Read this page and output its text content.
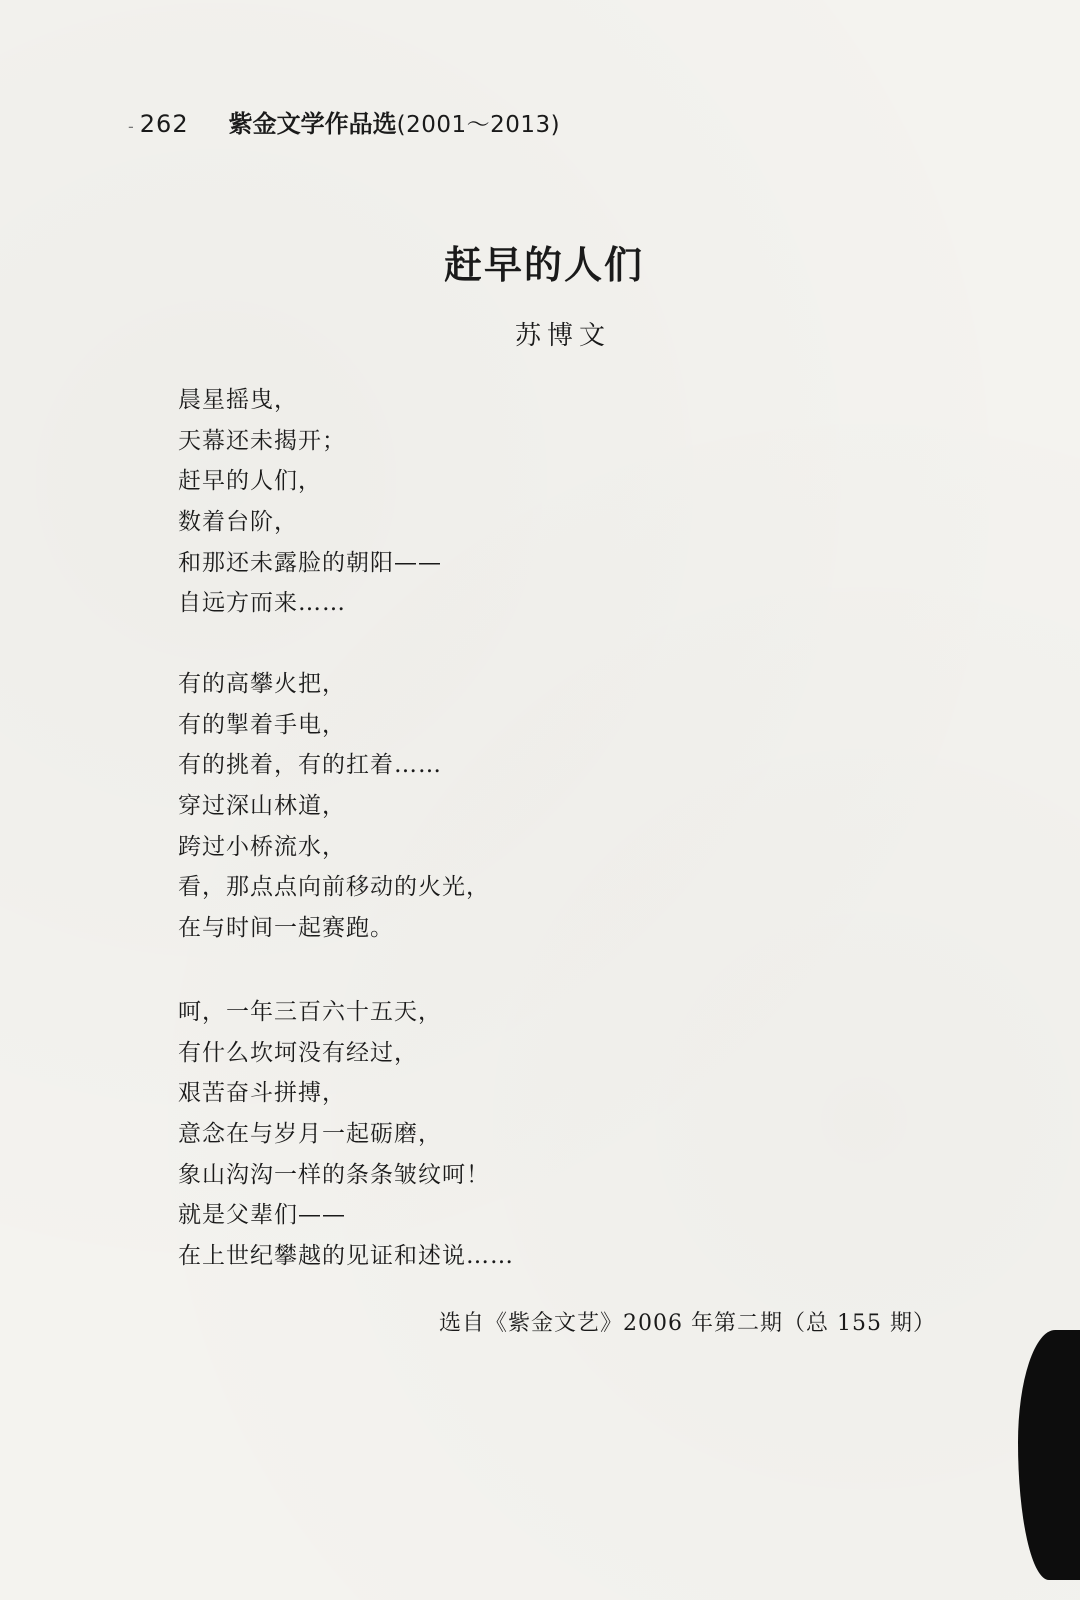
- 262 紫金文学作品选 (2001～2013)
赶早的人们
苏博文
晨星摇曳，
天幕还未揭开；
赶早的人们，
数着台阶，
和那还未露脸的朝阳——
自远方而来……
有的高攀火把，
有的掣着手电，
有的挑着，有的扛着……
穿过深山林道，
跨过小桥流水，
看，那点点向前移动的火光，
在与时间一起赛跑。
呵，一年三百六十五天，
有什么坎坷没有经过，
艰苦奋斗拼搏，
意念在与岁月一起砺磨，
象山沟沟一样的条条皱纹呵！
就是父辈们——
在上世纪攀越的见证和述说……
选自《紫金文艺》2006 年第二期（总 155 期）
